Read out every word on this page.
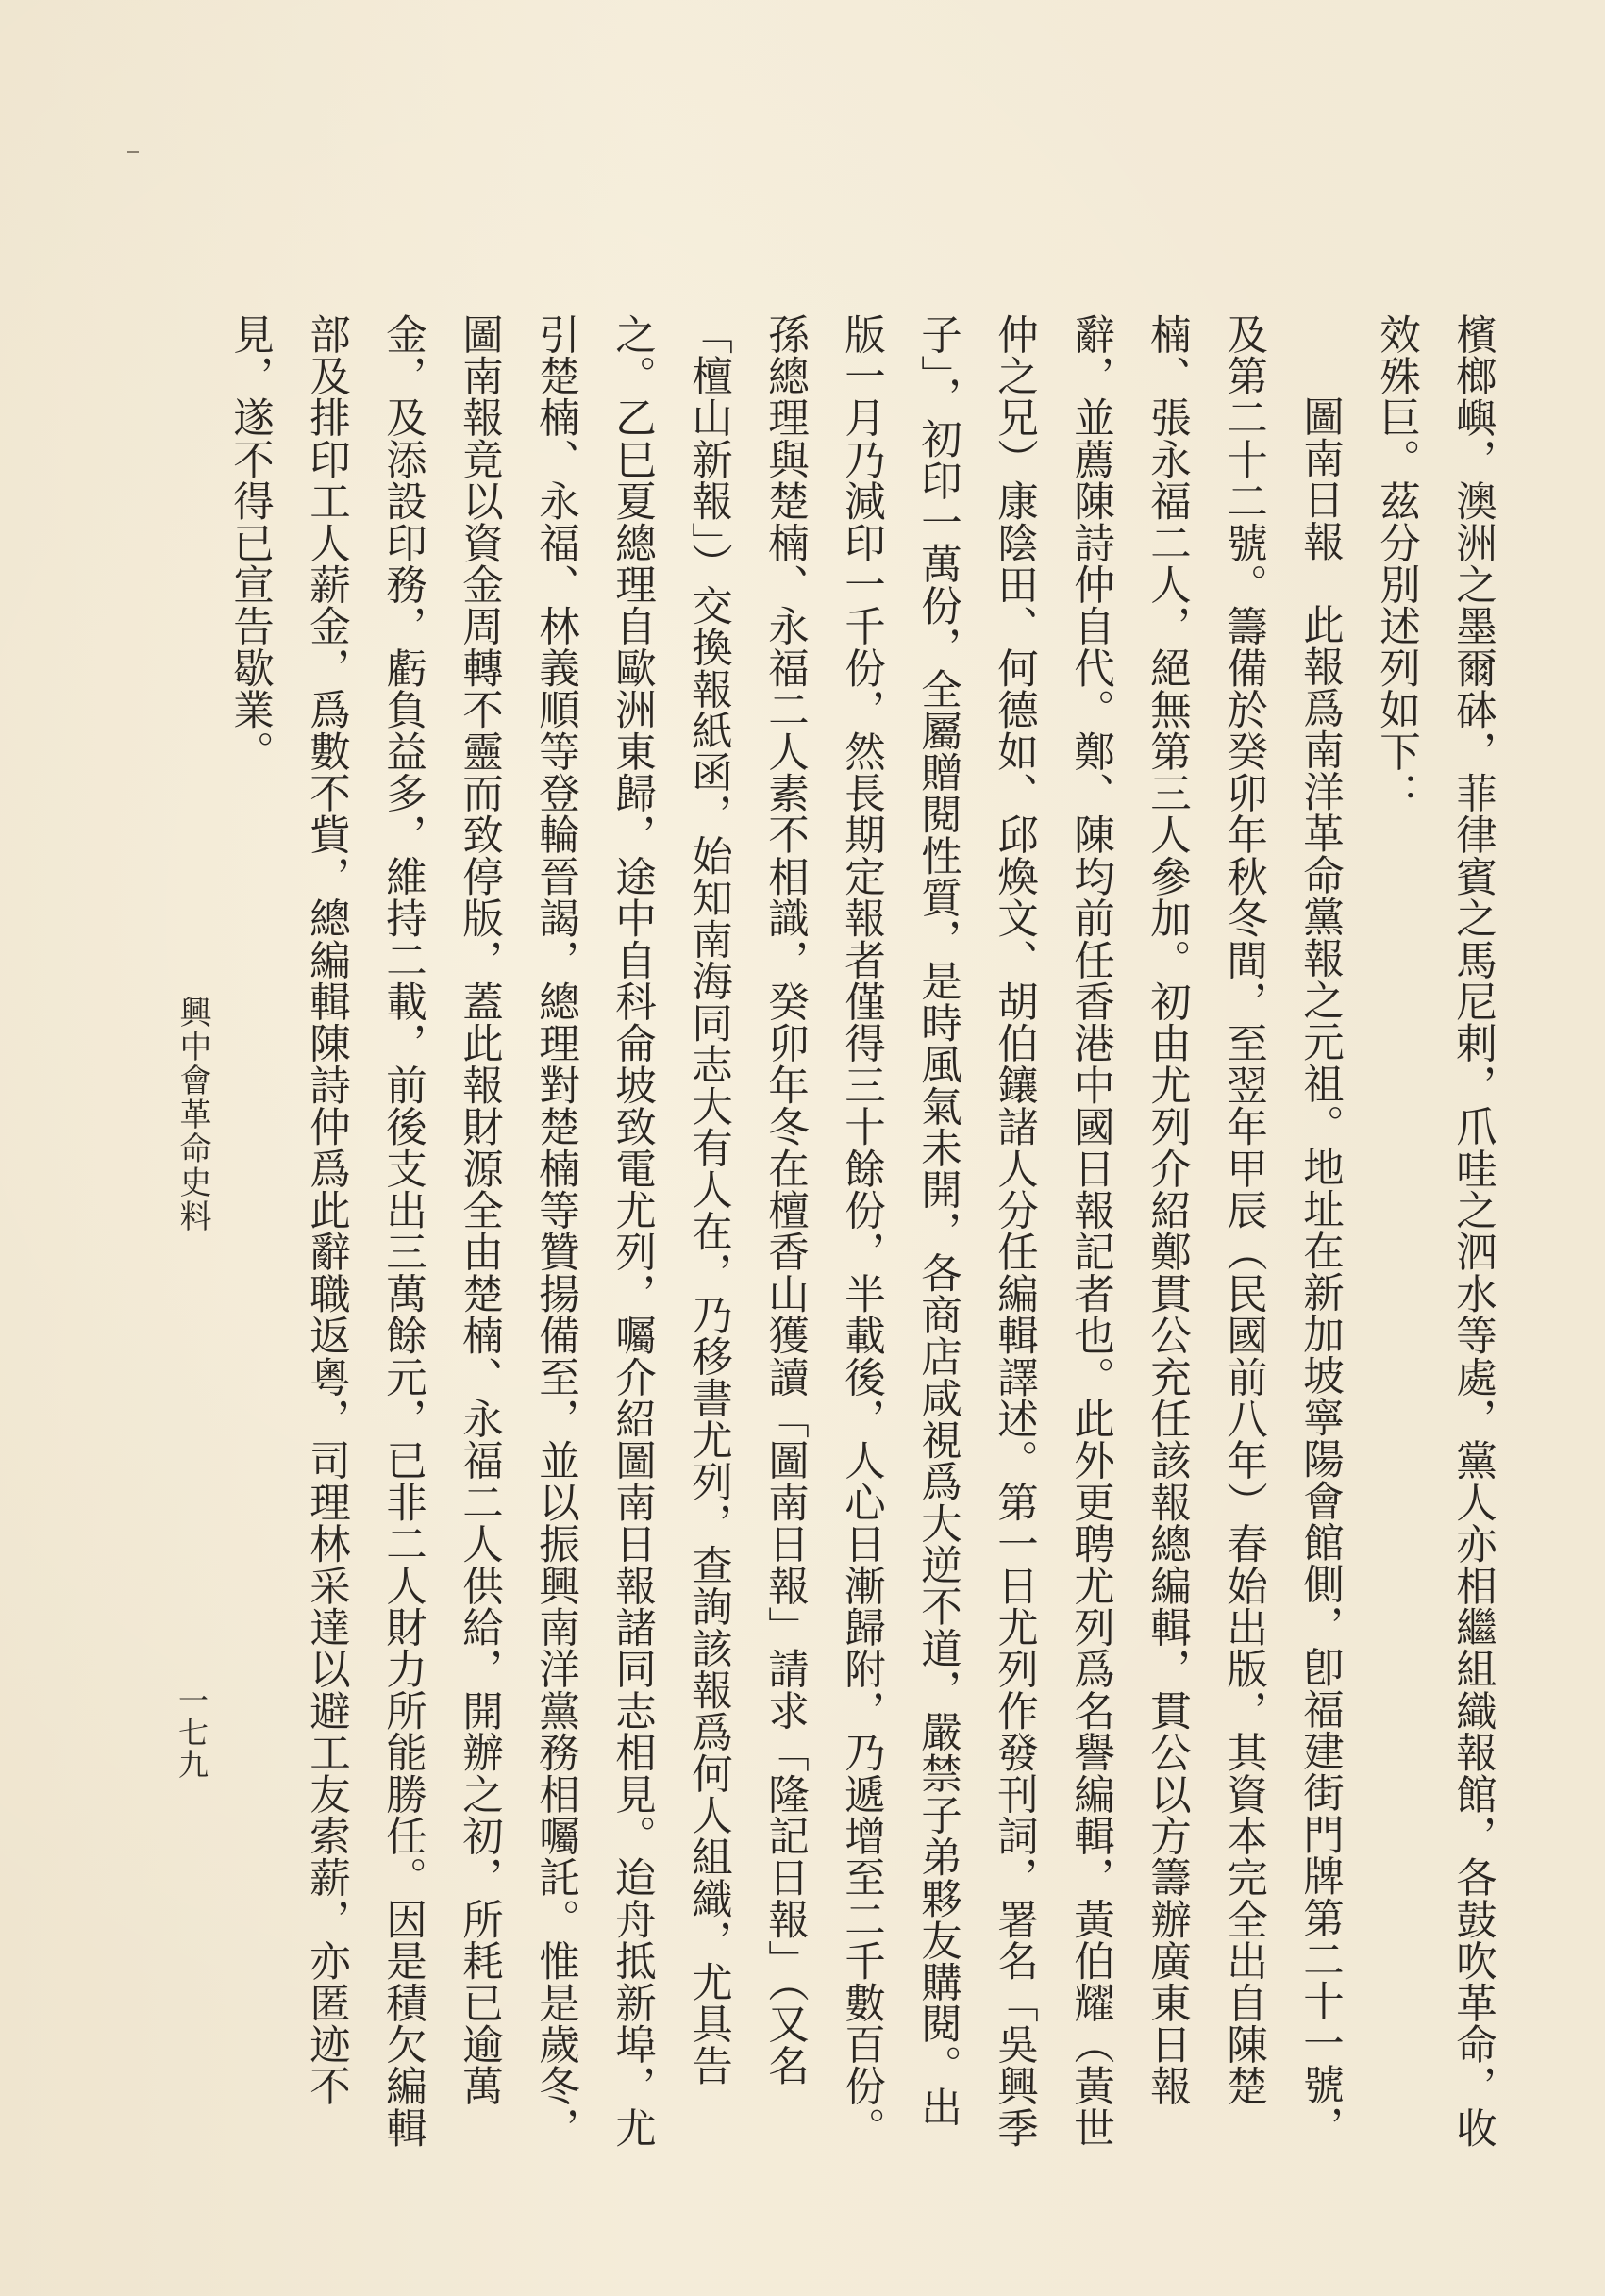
檳榔嶼，澳洲之墨爾砵，菲律賓之馬尼剌，爪哇之泗水等處，黨人亦相繼組織報館，各鼓吹革命，收
效殊巨。茲分別述列如下：
圖南日報此報爲南洋革命黨報之元祖。地址在新加坡寧陽會館側，卽福建街門牌第二十一號，
及第二十二號。籌備於癸卯年秋冬間，至翌年甲辰（民國前八年）春始出版，其資本完全出自陳楚
楠、張永福二人，絕無第三人參加。初由尤列介紹鄭貫公充任該報總編輯，貫公以方籌辦廣東日報
辭，並薦陳詩仲自代。鄭、陳均前任香港中國日報記者也。此外更聘尤列爲名譽編輯，黃伯耀（黃世
仲之兄）康陰田、何德如、邱煥文、胡伯鑲諸人分任編輯譯述。第一日尤列作發刊詞，署名「吳興季
子」，初印一萬份，全屬贈閱性質，是時風氣未開，各商店咸視爲大逆不道，嚴禁子弟夥友購閱。出
版一月乃減印一千份，然長期定報者僅得三十餘份，半載後，人心日漸歸附，乃遞增至二千數百份。
孫總理與楚楠、永福二人素不相識，癸卯年冬在檀香山獲讀「圖南日報」請求「隆記日報」（又名
「檀山新報」）交換報紙函，始知南海同志大有人在，乃移書尤列，查詢該報爲何人組織，尤具告
之。乙巳夏總理自歐洲東歸，途中自科侖坡致電尤列，囑介紹圖南日報諸同志相見。迨舟抵新埠，尤
引楚楠、永福、林義順等登輪晉謁，總理對楚楠等贊揚備至，並以振興南洋黨務相囑託。惟是歲冬，
圖南報竟以資金周轉不靈而致停版，蓋此報財源全由楚楠、永福二人供給，開辦之初，所耗已逾萬
金，及添設印務，虧負益多，維持二載，前後支出三萬餘元，已非二人財力所能勝任。因是積欠編輯
部及排印工人薪金，爲數不貲，總編輯陳詩仲爲此辭職返粵，司理林采達以避工友索薪，亦匿迹不
見，遂不得已宣告歇業。
興中會革命史料
一七九
